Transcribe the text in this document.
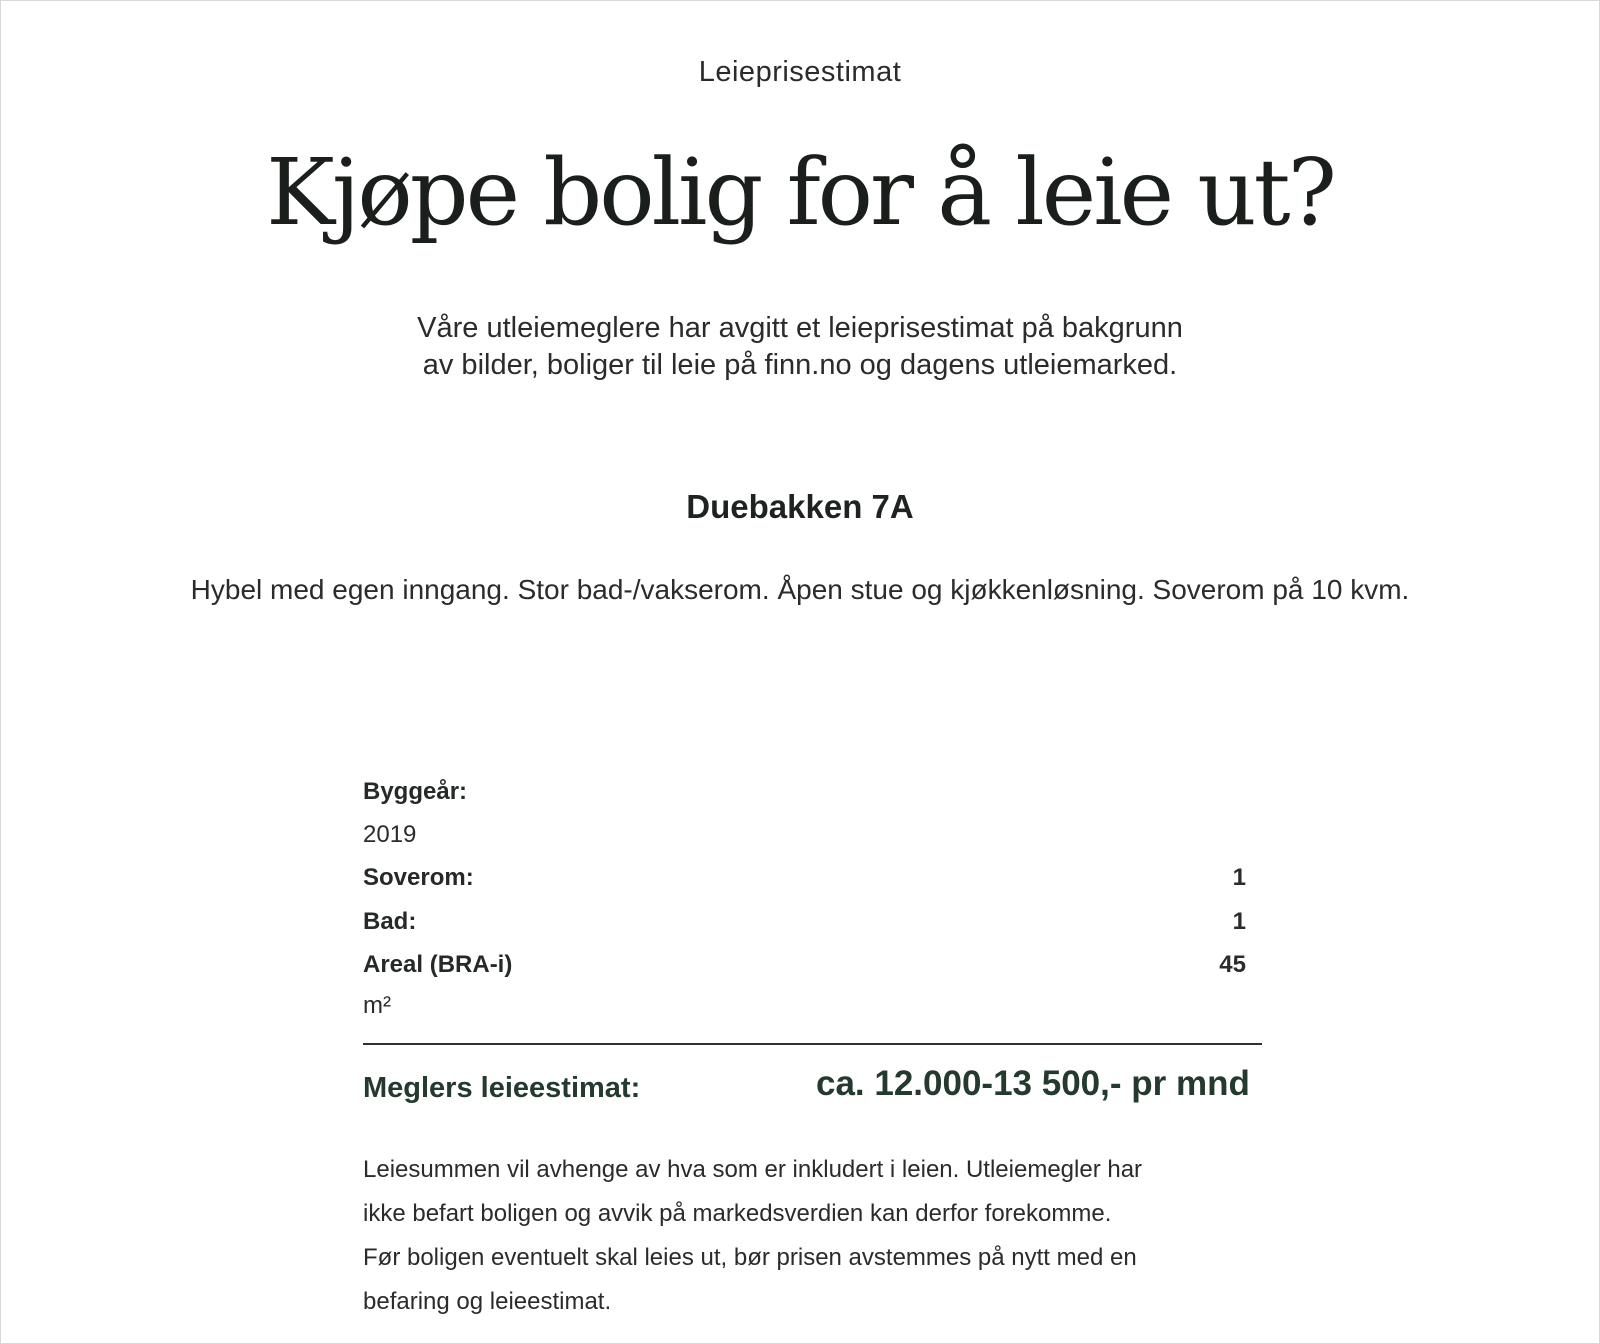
Leieprisestimat
Kjøpe bolig for å leie ut?
Våre utleiemeglere har avgitt et leieprisestimat på bakgrunn
av bilder, boliger til leie på finn.no og dagens utleiemarked.
Duebakken 7A
Hybel med egen inngang. Stor bad-/vakserom. Åpen stue og kjøkkenløsning. Soverom på 10 kvm.
Byggeår:
2019
Soverom:	1
Bad:	1
Areal (BRA-i)	45
m²
Meglers leieestimat:	ca. 12.000-13 500,- pr mnd
Leiesummen vil avhenge av hva som er inkludert i leien. Utleiemegler har
ikke befart boligen og avvik på markedsverdien kan derfor forekomme.
Før boligen eventuelt skal leies ut, bør prisen avstemmes på nytt med en
befaring og leieestimat.
